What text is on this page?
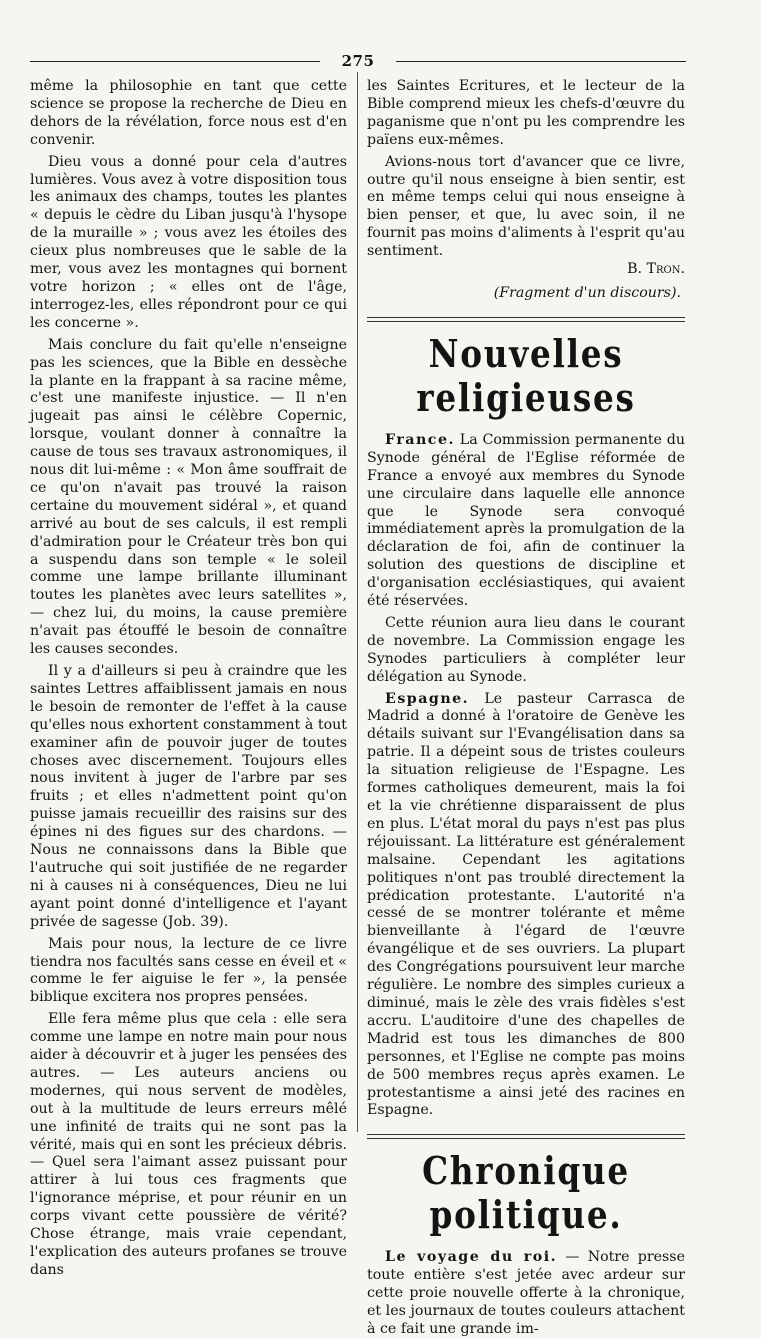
275

même la philosophie en tant que cette science se propose la recherche de Dieu en dehors de la révélation, force nous est d'en convenir.

Dieu vous a donné pour cela d'autres lumières. Vous avez à votre disposition tous les animaux des champs, toutes les plantes « depuis le cèdre du Liban jusqu'à l'hysope de la muraille » ; vous avez les étoiles des cieux plus nombreuses que le sable de la mer, vous avez les montagnes qui bornent votre horizon ; « elles ont de l'âge, interrogez-les, elles répondront pour ce qui les concerne ».

Mais conclure du fait qu'elle n'enseigne pas les sciences, que la Bible en dessèche la plante en la frappant à sa racine même, c'est une manifeste injustice. — Il n'en jugeait pas ainsi le célèbre Copernic, lorsque, voulant donner à connaître la cause de tous ses travaux astronomiques, il nous dit lui-même : « Mon âme souffrait de ce qu'on n'avait pas trouvé la raison certaine du mouvement sidéral », et quand arrivé au bout de ses calculs, il est rempli d'admiration pour le Créateur très bon qui a suspendu dans son temple « le soleil comme une lampe brillante illuminant toutes les planètes avec leurs satellites », — chez lui, du moins, la cause première n'avait pas étouffé le besoin de connaître les causes secondes.

Il y a d'ailleurs si peu à craindre que les saintes Lettres affaiblissent jamais en nous le besoin de remonter de l'effet à la cause qu'elles nous exhortent constamment à tout examiner afin de pouvoir juger de toutes choses avec discernement. Toujours elles nous invitent à juger de l'arbre par ses fruits ; et elles n'admettent point qu'on puisse jamais recueillir des raisins sur des épines ni des figues sur des chardons. — Nous ne connaissons dans la Bible que l'autruche qui soit justifiée de ne regarder ni à causes ni à conséquences, Dieu ne lui ayant point donné d'intelligence et l'ayant privée de sagesse (Job. 39).

Mais pour nous, la lecture de ce livre tiendra nos facultés sans cesse en éveil et « comme le fer aiguise le fer », la pensée biblique excitera nos propres pensées.

Elle fera même plus que cela : elle sera comme une lampe en notre main pour nous aider à découvrir et à juger les pensées des autres. — Les auteurs anciens ou modernes, qui nous servent de modèles, out à la multitude de leurs erreurs mêlé une infinité de traits qui ne sont pas la vérité, mais qui en sont les précieux débris. — Quel sera l'aimant assez puissant pour attirer à lui tous ces fragments que l'ignorance méprise, et pour réunir en un corps vivant cette poussière de vérité? Chose étrange, mais vraie cependant, l'explication des auteurs profanes se trouve dans

les Saintes Ecritures, et le lecteur de la Bible comprend mieux les chefs-d'œuvre du paganisme que n'ont pu les comprendre les païens eux-mêmes.

Avions-nous tort d'avancer que ce livre, outre qu'il nous enseigne à bien sentir, est en même temps celui qui nous enseigne à bien penser, et que, lu avec soin, il ne fournit pas moins d'aliments à l'esprit qu'au sentiment.

B. Tron.
(Fragment d'un discours).
Nouvelles religieuses

France. La Commission permanente du Synode général de l'Eglise réformée de France a envoyé aux membres du Synode une circulaire dans laquelle elle annonce que le Synode sera convoqué immédiatement après la promulgation de la déclaration de foi, afin de continuer la solution des questions de discipline et d'organisation ecclésiastiques, qui avaient été réservées.

Cette réunion aura lieu dans le courant de novembre. La Commission engage les Synodes particuliers à compléter leur délégation au Synode.

Espagne. Le pasteur Carrasca de Madrid a donné à l'oratoire de Genève les détails suivant sur l'Evangélisation dans sa patrie. Il a dépeint sous de tristes couleurs la situation religieuse de l'Espagne. Les formes catholiques demeurent, mais la foi et la vie chrétienne disparaissent de plus en plus. L'état moral du pays n'est pas plus réjouissant. La littérature est généralement malsaine. Cependant les agitations politiques n'ont pas troublé directement la prédication protestante. L'autorité n'a cessé de se montrer tolérante et même bienveillante à l'égard de l'œuvre évangélique et de ses ouvriers. La plupart des Congrégations poursuivent leur marche régulière. Le nombre des simples curieux a diminué, mais le zèle des vrais fidèles s'est accru. L'auditoire d'une des chapelles de Madrid est tous les dimanches de 800 personnes, et l'Eglise ne compte pas moins de 500 membres reçus après examen. Le protestantisme a ainsi jeté des racines en Espagne.

Chronique politique.

Le voyage du roi. — Notre presse toute entière s'est jetée avec ardeur sur cette proie nouvelle offerte à la chronique, et les journaux de toutes couleurs attachent à ce fait une grande im-
